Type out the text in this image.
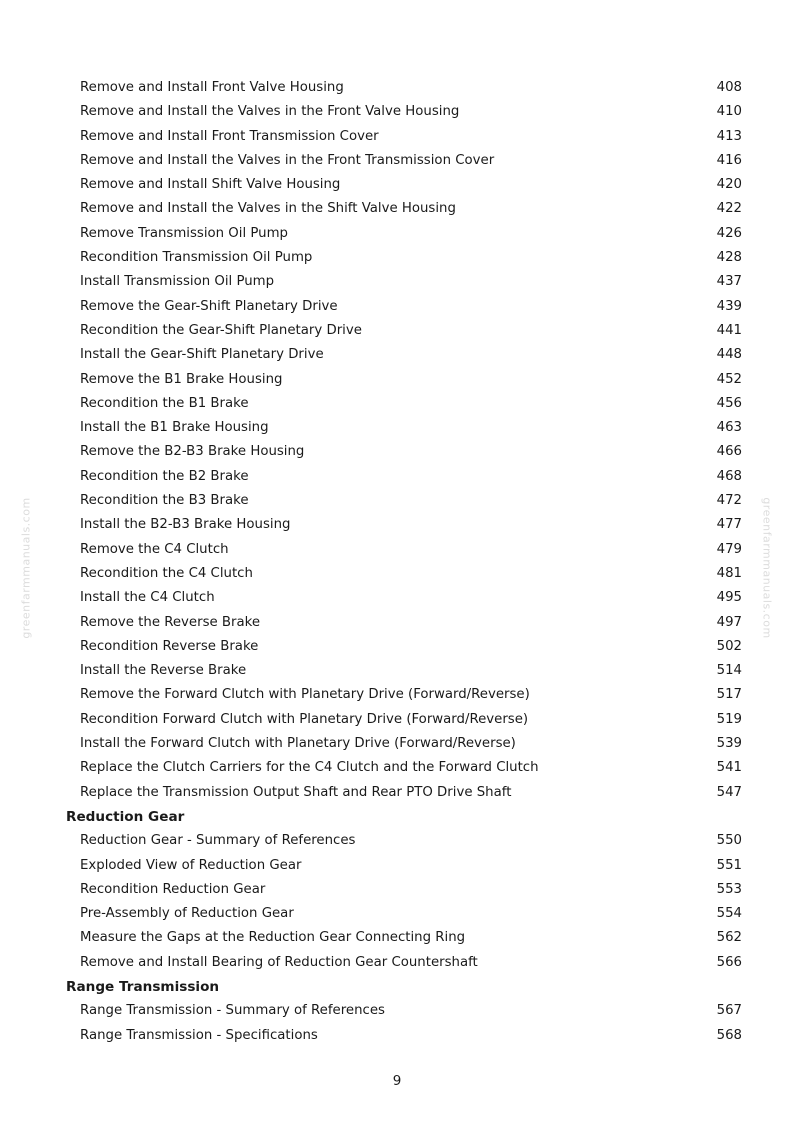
greenfarmmanuals.com	greenfarmmanuals.com
Remove and Install Front Valve Housing	408
Remove and Install the Valves in the Front Valve Housing	410
Remove and Install Front Transmission Cover	413
Remove and Install the Valves in the Front Transmission Cover	416
Remove and Install Shift Valve Housing	420
Remove and Install the Valves in the Shift Valve Housing	422
Remove Transmission Oil Pump	426
Recondition Transmission Oil Pump	428
Install Transmission Oil Pump	437
Remove the Gear-Shift Planetary Drive	439
Recondition the Gear-Shift Planetary Drive	441
Install the Gear-Shift Planetary Drive	448
Remove the B1 Brake Housing	452
Recondition the B1 Brake	456
Install the B1 Brake Housing	463
Remove the B2-B3 Brake Housing	466
Recondition the B2 Brake	468
Recondition the B3 Brake	472
Install the B2-B3 Brake Housing	477
Remove the C4 Clutch	479
Recondition the C4 Clutch	481
Install the C4 Clutch	495
Remove the Reverse Brake	497
Recondition Reverse Brake	502
Install the Reverse Brake	514
Remove the Forward Clutch with Planetary Drive (Forward/Reverse)	517
Recondition Forward Clutch with Planetary Drive (Forward/Reverse)	519
Install the Forward Clutch with Planetary Drive (Forward/Reverse)	539
Replace the Clutch Carriers for the C4 Clutch and the Forward Clutch	541
Replace the Transmission Output Shaft and Rear PTO Drive Shaft	547
Reduction Gear
Reduction Gear - Summary of References	550
Exploded View of Reduction Gear	551
Recondition Reduction Gear	553
Pre-Assembly of Reduction Gear	554
Measure the Gaps at the Reduction Gear Connecting Ring	562
Remove and Install Bearing of Reduction Gear Countershaft	566
Range Transmission
Range Transmission - Summary of References	567
Range Transmission - Specifications	568
9
